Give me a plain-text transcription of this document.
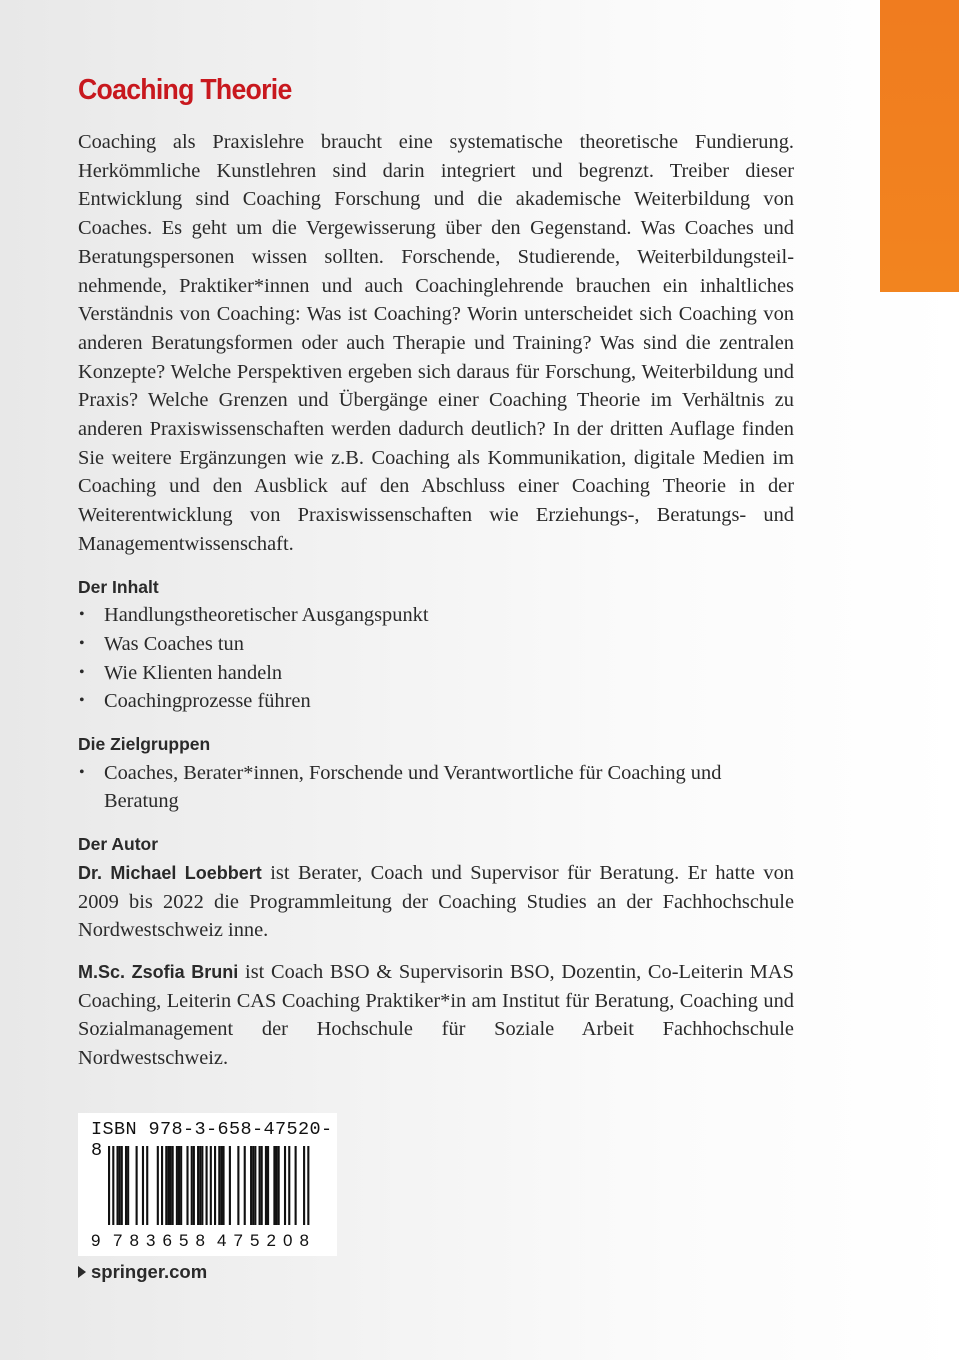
Coaching Theorie

Coaching als Praxislehre braucht eine systematische theoretische Fundierung. Herkömmliche Kunstlehren sind darin integriert und begrenzt. Treiber dieser Entwicklung sind Coaching Forschung und die akademische Weiterbildung von Coaches. Es geht um die Vergewisserung über den Gegenstand. Was Coaches und Beratungspersonen wissen sollten. Forschende, Studierende, Weiterbildungsteilnehmende, Praktiker*innen und auch Coachinglehrende brauchen ein inhaltliches Verständnis von Coaching: Was ist Coaching? Worin unterscheidet sich Coaching von anderen Beratungsformen oder auch Therapie und Training? Was sind die zentralen Konzepte? Welche Perspektiven ergeben sich daraus für Forschung, Weiterbildung und Praxis? Welche Grenzen und Übergänge einer Coaching Theorie im Verhältnis zu anderen Praxiswissenschaften werden dadurch deutlich? In der dritten Auflage finden Sie weitere Ergänzungen wie z.B. Coaching als Kommunikation, digitale Medien im Coaching und den Ausblick auf den Abschluss einer Coaching Theorie in der Weiterentwicklung von Praxiswissenschaften wie Erziehungs-, Beratungs- und Managementwissenschaft.

Der Inhalt
• Handlungstheoretischer Ausgangspunkt
• Was Coaches tun
• Wie Klienten handeln
• Coachingprozesse führen
Die Zielgruppen
• Coaches, Berater*innen, Forschende und Verantwortliche für Coaching und Beratung
Der Autor

Dr. Michael Loebbert ist Berater, Coach und Supervisor für Beratung. Er hatte von 2009 bis 2022 die Programmleitung der Coaching Studies an der Fachhochschule Nordwestschweiz inne.

M.Sc. Zsofia Bruni ist Coach BSO & Supervisorin BSO, Dozentin, Co-Leiterin MAS Coaching, Leiterin CAS Coaching Praktiker*in am Institut für Beratung, Coaching und Sozialmanagement der Hochschule für Soziale Arbeit Fachhochschule Nordwestschweiz.

9 783658 475208
ISBN 978-3-658-47520-8
springer.com
